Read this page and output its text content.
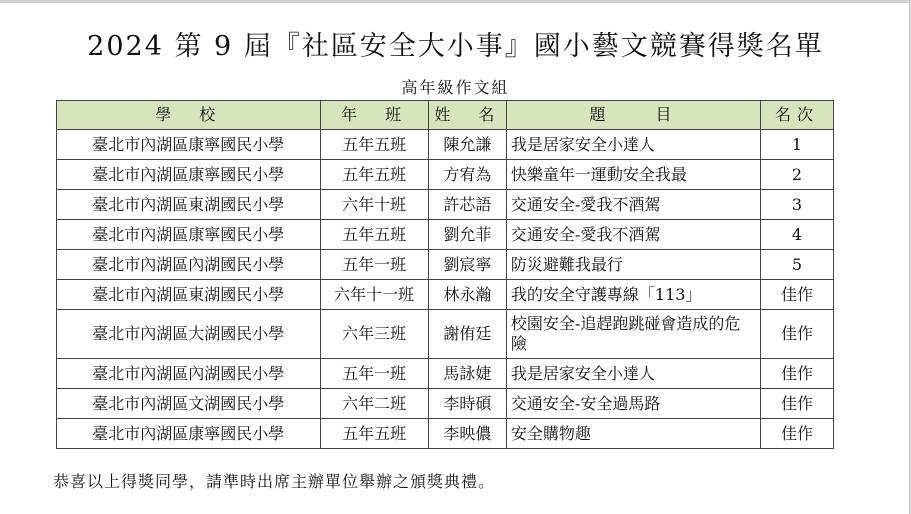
2024 第 9 屆『社區安全大小事』國小藝文競賽得獎名單
高年級作文組
學　校	年　班	姓　名	題　　目	名次
臺北市內湖區康寧國民小學	五年五班	陳允謙	我是居家安全小達人	1
臺北市內湖區康寧國民小學	五年五班	方宥為	快樂童年一運動安全我最	2
臺北市內湖區東湖國民小學	六年十班	許芯語	交通安全-愛我不酒駕	3
臺北市內湖區康寧國民小學	五年五班	劉允菲	交通安全-愛我不酒駕	4
臺北市內湖區內湖國民小學	五年一班	劉宸寧	防災避難我最行	5
臺北市內湖區東湖國民小學	六年十一班	林永瀚	我的安全守護專線「113」	佳作
臺北市內湖區大湖國民小學	六年三班	謝侑廷	校園安全-追趕跑跳碰會造成的危險	佳作
臺北市內湖區內湖國民小學	五年一班	馬詠婕	我是居家安全小達人	佳作
臺北市內湖區文湖國民小學	六年二班	李時碩	交通安全-安全過馬路	佳作
臺北市內湖區康寧國民小學	五年五班	李映儂	安全購物趣	佳作
恭喜以上得獎同學，請準時出席主辦單位舉辦之頒獎典禮。
